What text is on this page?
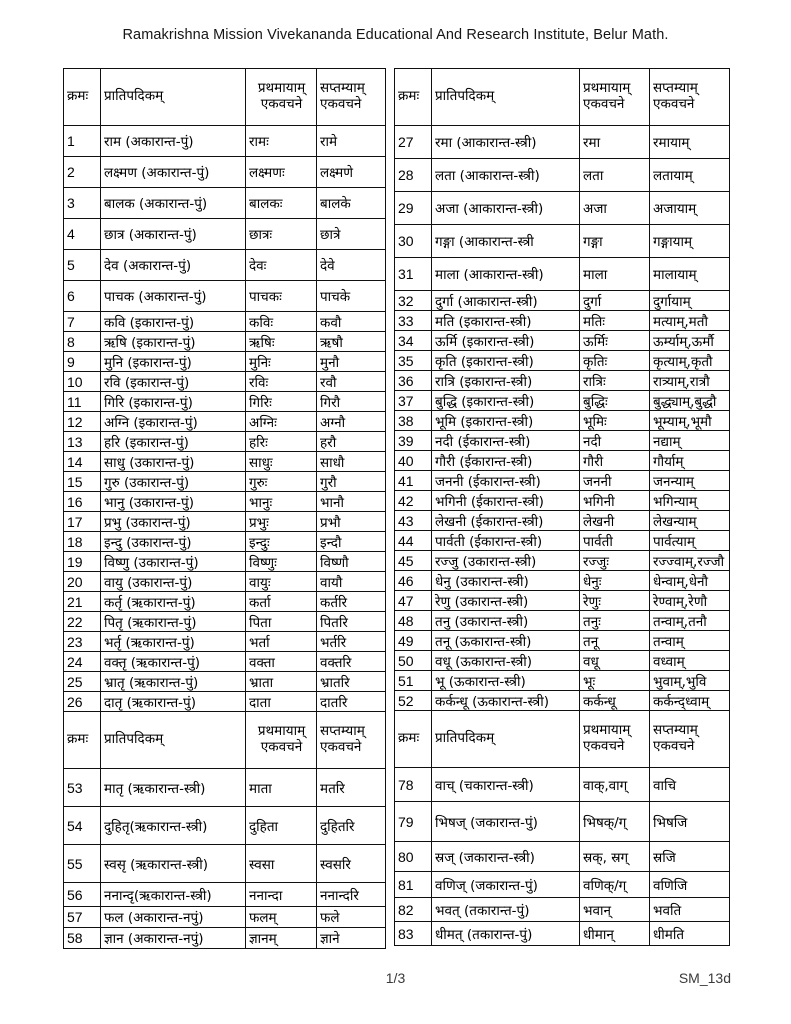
Ramakrishna Mission Vivekananda Educational And Research Institute, Belur Math.
क्रमः	प्रातिपदिकम्	प्रथमायाम् एकवचने	सप्तम्याम् एकवचने
1	राम (अकारान्त-पुं)	रामः	रामे
2	लक्ष्मण (अकारान्त-पुं)	लक्ष्मणः	लक्ष्मणे
3	बालक (अकारान्त-पुं)	बालकः	बालके
4	छात्र (अकारान्त-पुं)	छात्रः	छात्रे
5	देव (अकारान्त-पुं)	देवः	देवे
6	पाचक (अकारान्त-पुं)	पाचकः	पाचके
7	कवि (इकारान्त-पुं)	कविः	कवौ
8	ऋषि (इकारान्त-पुं)	ऋषिः	ऋषौ
9	मुनि (इकारान्त-पुं)	मुनिः	मुनौ
10	रवि (इकारान्त-पुं)	रविः	रवौ
11	गिरि (इकारान्त-पुं)	गिरिः	गिरौ
12	अग्नि (इकारान्त-पुं)	अग्निः	अग्नौ
13	हरि (इकारान्त-पुं)	हरिः	हरौ
14	साधु (उकारान्त-पुं)	साधुः	साधौ
15	गुरु (उकारान्त-पुं)	गुरुः	गुरौ
16	भानु (उकारान्त-पुं)	भानुः	भानौ
17	प्रभु (उकारान्त-पुं)	प्रभुः	प्रभौ
18	इन्दु (उकारान्त-पुं)	इन्दुः	इन्दौ
19	विष्णु (उकारान्त-पुं)	विष्णुः	विष्णौ
20	वायु (उकारान्त-पुं)	वायुः	वायौ
21	कर्तृ (ऋकारान्त-पुं)	कर्ता	कर्तरि
22	पितृ (ऋकारान्त-पुं)	पिता	पितरि
23	भर्तृ (ऋकारान्त-पुं)	भर्ता	भर्तरि
24	वक्तृ (ऋकारान्त-पुं)	वक्ता	वक्तरि
25	भ्रातृ (ऋकारान्त-पुं)	भ्राता	भ्रातरि
26	दातृ (ऋकारान्त-पुं)	दाता	दातरि
क्रमः	प्रातिपदिकम्	प्रथमायाम् एकवचने	सप्तम्याम् एकवचने
53	मातृ (ऋकारान्त-स्त्री)	माता	मतरि
54	दुहितृ(ऋकारान्त-स्त्री)	दुहिता	दुहितरि
55	स्वसृ (ऋकारान्त-स्त्री)	स्वसा	स्वसरि
56	ननान्दृ(ऋकारान्त-स्त्री)	ननान्दा	ननान्दरि
57	फल (अकारान्त-नपुं)	फलम्	फले
58	ज्ञान (अकारान्त-नपुं)	ज्ञानम्	ज्ञाने
क्रमः	प्रातिपदिकम्	प्रथमायाम् एकवचने	सप्तम्याम् एकवचने
27	रमा (आकारान्त-स्त्री)	रमा	रमायाम्
28	लता (आकारान्त-स्त्री)	लता	लतायाम्
29	अजा (आकारान्त-स्त्री)	अजा	अजायाम्
30	गङ्गा (आकारान्त-स्त्री	गङ्गा	गङ्गायाम्
31	माला (आकारान्त-स्त्री)	माला	मालायाम्
32	दुर्गा (आकारान्त-स्त्री)	दुर्गा	दुर्गायाम्
33	मति (इकारान्त-स्त्री)	मतिः	मत्याम्,मतौ
34	ऊर्मि (इकारान्त-स्त्री)	ऊर्मिः	ऊर्म्याम्,ऊर्मौ
35	कृति (इकारान्त-स्त्री)	कृतिः	कृत्याम्,कृतौ
36	रात्रि (इकारान्त-स्त्री)	रात्रिः	रात्र्याम्,रात्रौ
37	बुद्धि (इकारान्त-स्त्री)	बुद्धिः	बुद्ध्याम्,बुद्धौ
38	भूमि (इकारान्त-स्त्री)	भूमिः	भूम्याम्,भूमौ
39	नदी (ईकारान्त-स्त्री)	नदी	नद्याम्
40	गौरी (ईकारान्त-स्त्री)	गौरी	गौर्याम्
41	जननी (ईकारान्त-स्त्री)	जननी	जनन्याम्
42	भगिनी (ईकारान्त-स्त्री)	भगिनी	भगिन्याम्
43	लेखनी (ईकारान्त-स्त्री)	लेखनी	लेखन्याम्
44	पार्वती (ईकारान्त-स्त्री)	पार्वती	पार्वत्याम्
45	रज्जु (उकारान्त-स्त्री)	रज्जुः	रज्ज्वाम्,रज्जौ
46	धेनु (उकारान्त-स्त्री)	धेनुः	धेन्वाम्,धेनौ
47	रेणु (उकारान्त-स्त्री)	रेणुः	रेण्वाम्,रेणौ
48	तनु (उकारान्त-स्त्री)	तनुः	तन्वाम्,तनौ
49	तनू (ऊकारान्त-स्त्री)	तनू	तन्वाम्
50	वधू (ऊकारान्त-स्त्री)	वधू	वध्वाम्
51	भू (ऊकारान्त-स्त्री)	भूः	भुवाम्,भुवि
52	कर्कन्धू (ऊकारान्त-स्त्री)	कर्कन्धू	कर्कन्द्ध्वाम्
क्रमः	प्रातिपदिकम्	प्रथमायाम् एकवचने	सप्तम्याम् एकवचने
78	वाच् (चकारान्त-स्त्री)	वाक्,वाग्	वाचि
79	भिषज् (जकारान्त-पुं)	भिषक्/ग्	भिषजि
80	स्रज् (जकारान्त-स्त्री)	स्रक्, स्रग्	स्रजि
81	वणिज् (जकारान्त-पुं)	वणिक्/ग्	वणिजि
82	भवत् (तकारान्त-पुं)	भवान्	भवति
83	धीमत् (तकारान्त-पुं)	धीमान्	धीमति
1/3	SM_13d
